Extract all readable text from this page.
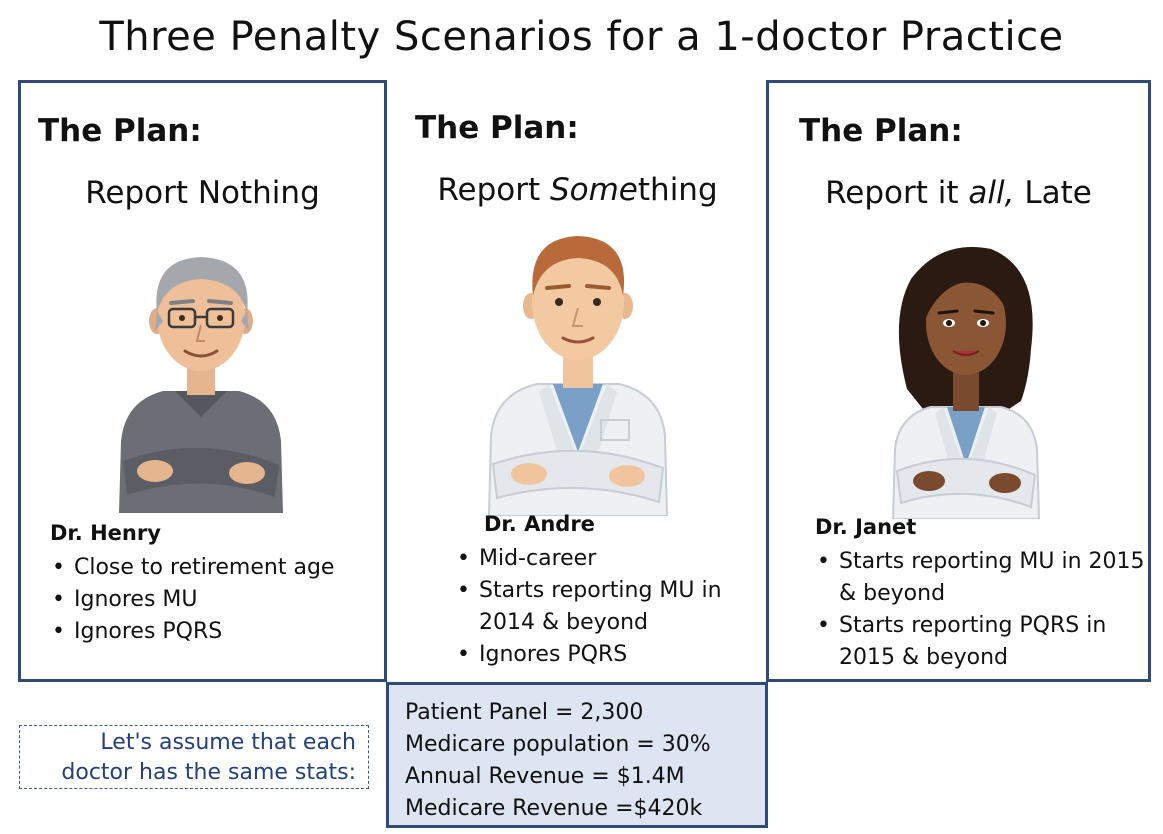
Three Penalty Scenarios for a 1-doctor Practice
The Plan:
Report Nothing
Dr. Henry
• Close to retirement age
• Ignores MU
• Ignores PQRS
The Plan:
Report Something
Dr. Andre
• Mid-career
• Starts reporting MU in 2014 & beyond
• Ignores PQRS
The Plan:
Report it all, Late
Dr. Janet
• Starts reporting MU in 2015 & beyond
• Starts reporting PQRS in 2015 & beyond
Let's assume that each
doctor has the same stats:
Patient Panel = 2,300
Medicare population = 30%
Annual Revenue = $1.4M
Medicare Revenue =$420k
